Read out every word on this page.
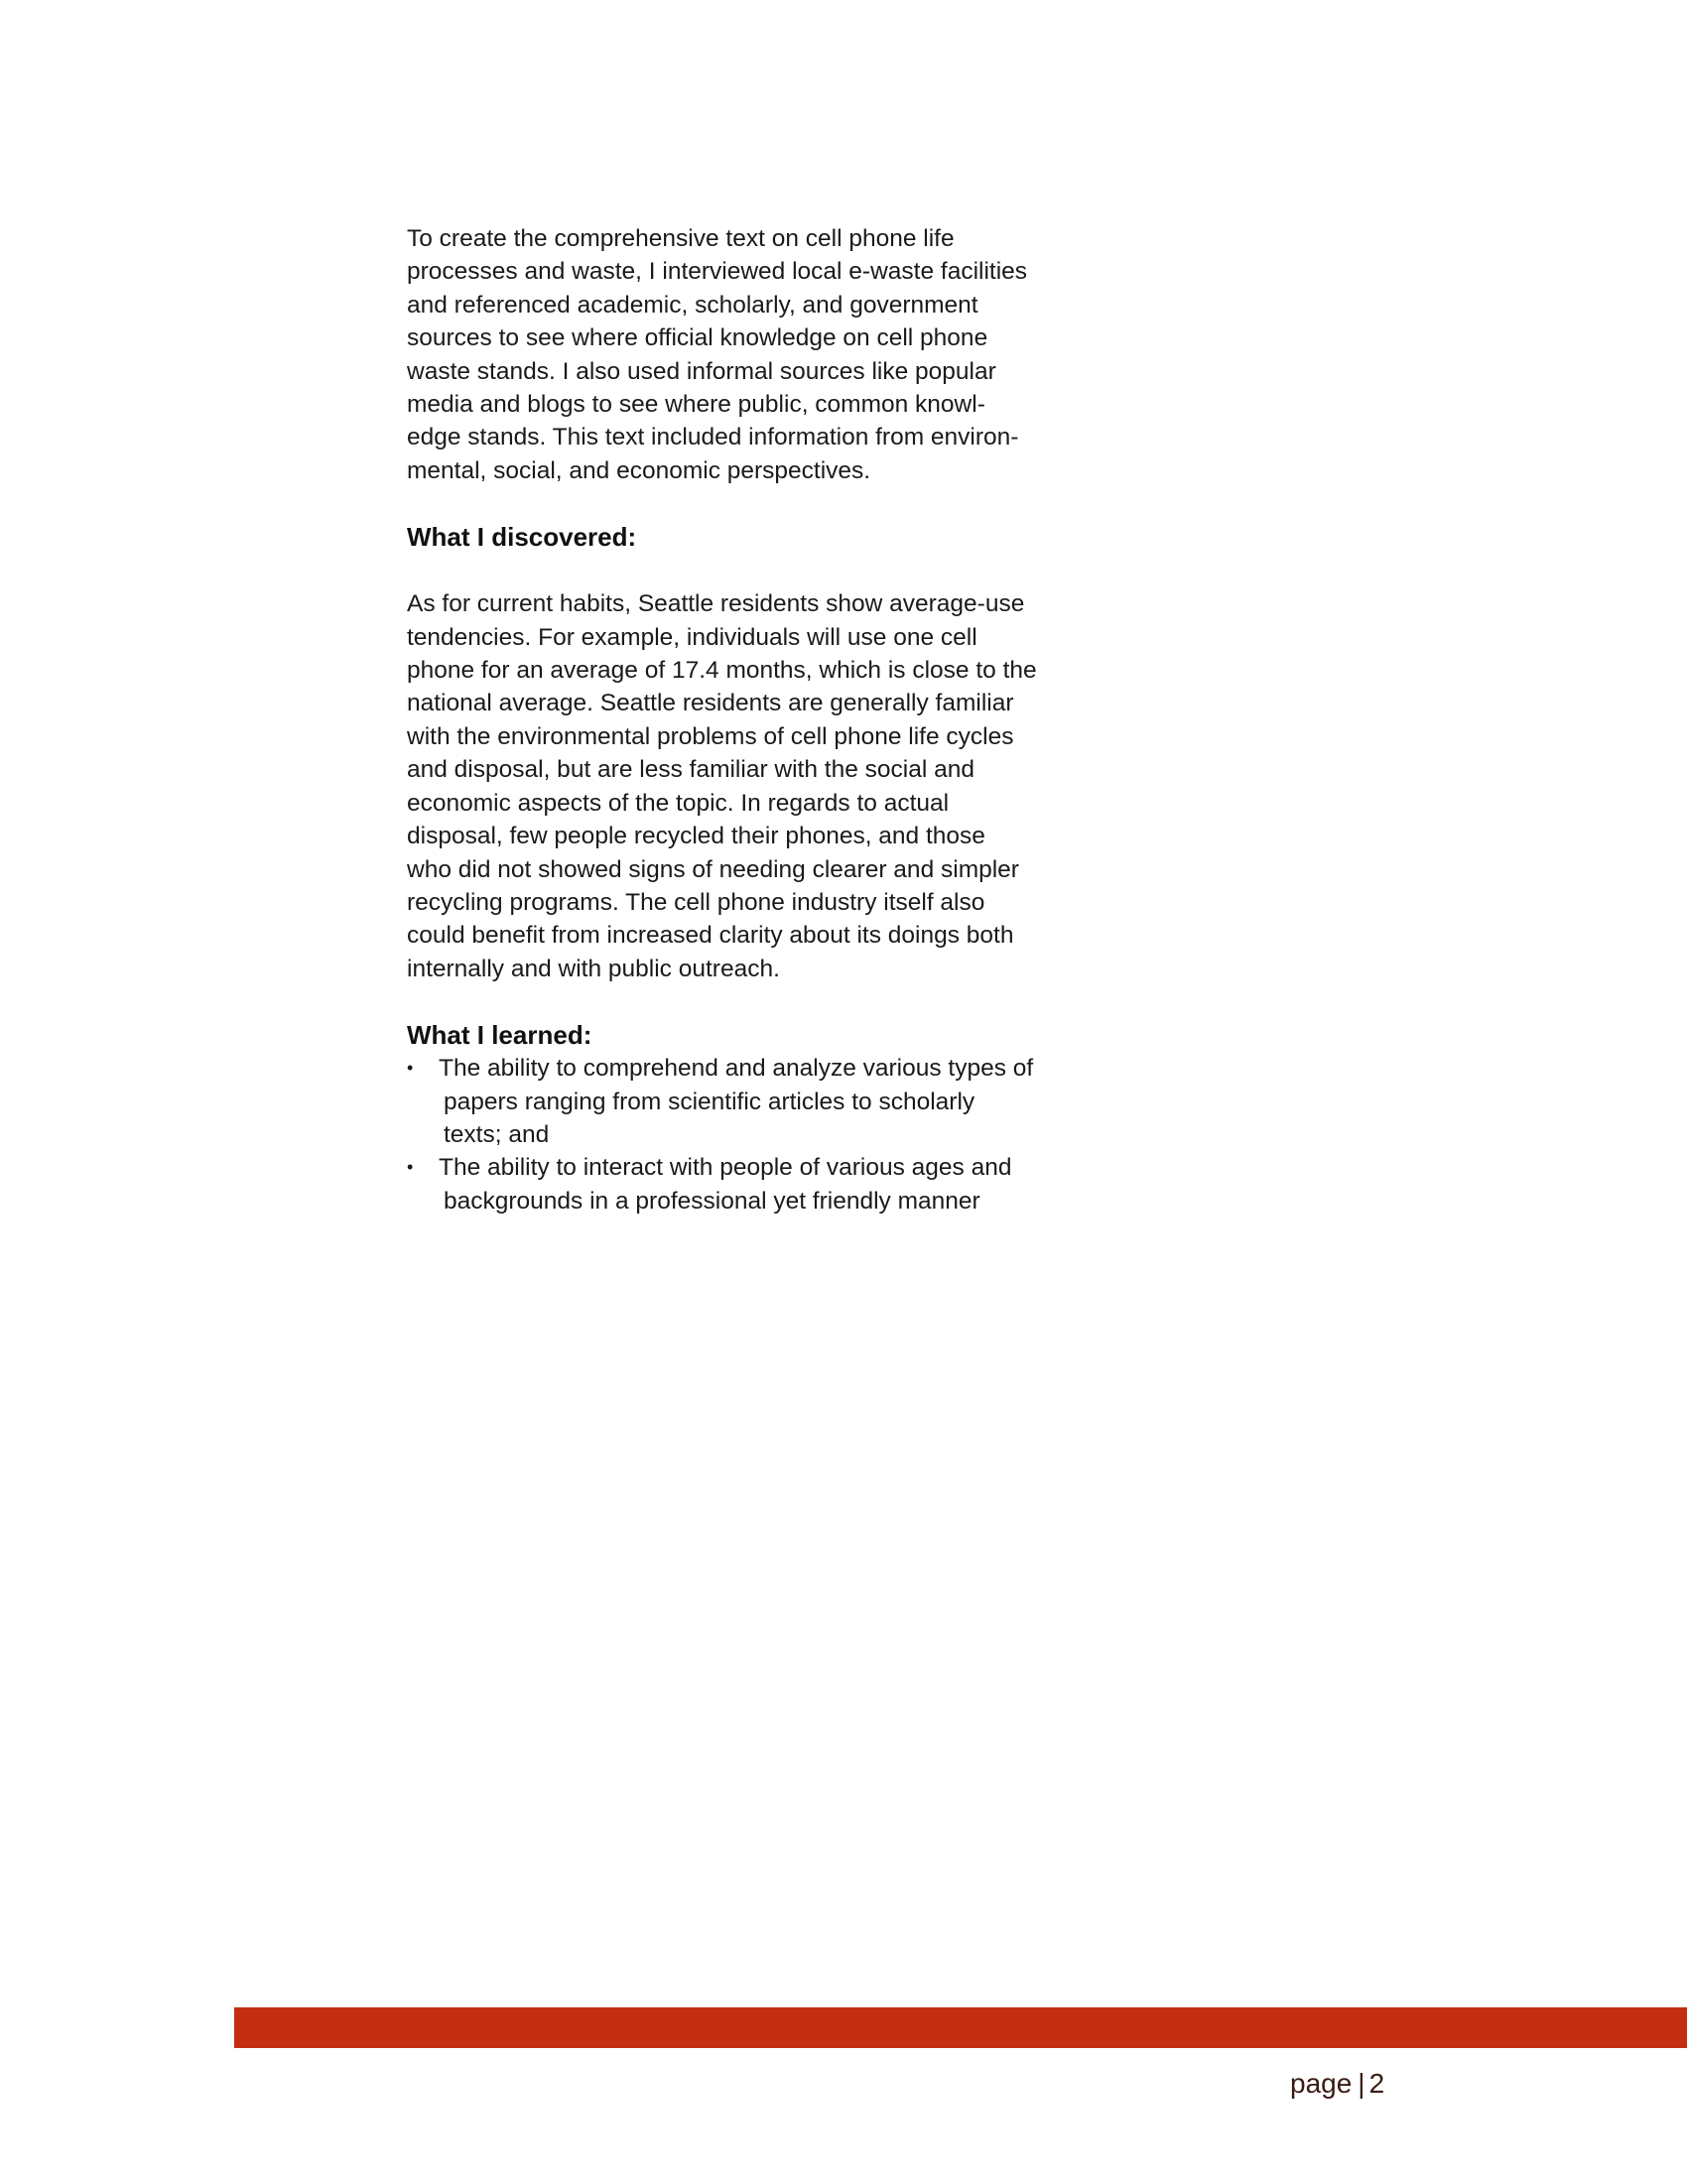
To create the comprehensive text on cell phone life
processes and waste, I interviewed local e-waste facilities
and referenced academic, scholarly, and government
sources to see where official knowledge on cell phone
waste stands. I also used informal sources like popular
media and blogs to see where public, common knowl-
edge stands. This text included information from environ-
mental, social, and economic perspectives.

What I discovered:

As for current habits, Seattle residents show average-use
tendencies. For example, individuals will use one cell
phone for an average of 17.4 months, which is close to the
national average. Seattle residents are generally familiar
with the environmental problems of cell phone life cycles
and disposal, but are less familiar with the social and
economic aspects of the topic. In regards to actual
disposal, few people recycled their phones, and those
who did not showed signs of needing clearer and simpler
recycling programs. The cell phone industry itself also
could benefit from increased clarity about its doings both
internally and with public outreach.

What I learned:
•	The ability to comprehend and analyze various types of
papers ranging from scientific articles to scholarly
texts; and
•	The ability to interact with people of various ages and
backgrounds in a professional yet friendly manner
page | 2
